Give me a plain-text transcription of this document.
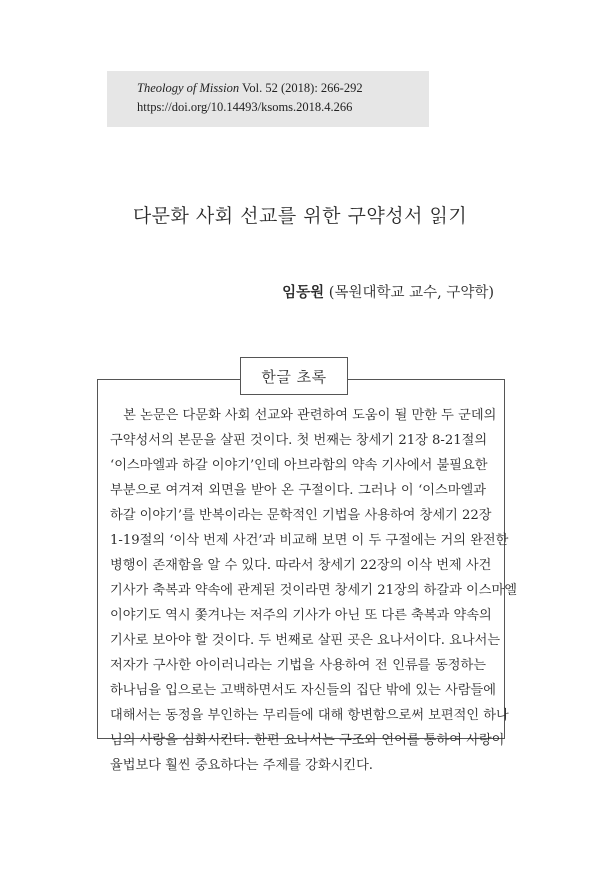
Theology of Mission Vol. 52 (2018): 266-292
https://doi.org/10.14493/ksoms.2018.4.266
다문화 사회 선교를 위한 구약성서 읽기
임동원 (목원대학교 교수, 구약학)
한글 초록
　본 논문은 다문화 사회 선교와 관련하여 도움이 될 만한 두 군데의
구약성서의 본문을 살핀 것이다. 첫 번째는 창세기 21장 8-21절의
‘이스마엘과 하갈 이야기’인데 아브라함의 약속 기사에서 불필요한
부분으로 여겨져 외면을 받아 온 구절이다. 그러나 이 ‘이스마엘과
하갈 이야기’를 반복이라는 문학적인 기법을 사용하여 창세기 22장
1-19절의 ‘이삭 번제 사건’과 비교해 보면 이 두 구절에는 거의 완전한
병행이 존재함을 알 수 있다. 따라서 창세기 22장의 이삭 번제 사건
기사가 축복과 약속에 관계된 것이라면 창세기 21장의 하갈과 이스마엘
이야기도 역시 쫓겨나는 저주의 기사가 아닌 또 다른 축복과 약속의
기사로 보아야 할 것이다. 두 번째로 살핀 곳은 요나서이다. 요나서는
저자가 구사한 아이러니라는 기법을 사용하여 전 인류를 동정하는
하나님을 입으로는 고백하면서도 자신들의 집단 밖에 있는 사람들에
대해서는 동정을 부인하는 무리들에 대해 항변함으로써 보편적인 하나
님의 사랑을 심화시킨다. 한편 요나서는 구조와 언어를 통하여 사랑이
율법보다 훨씬 중요하다는 주제를 강화시킨다.
